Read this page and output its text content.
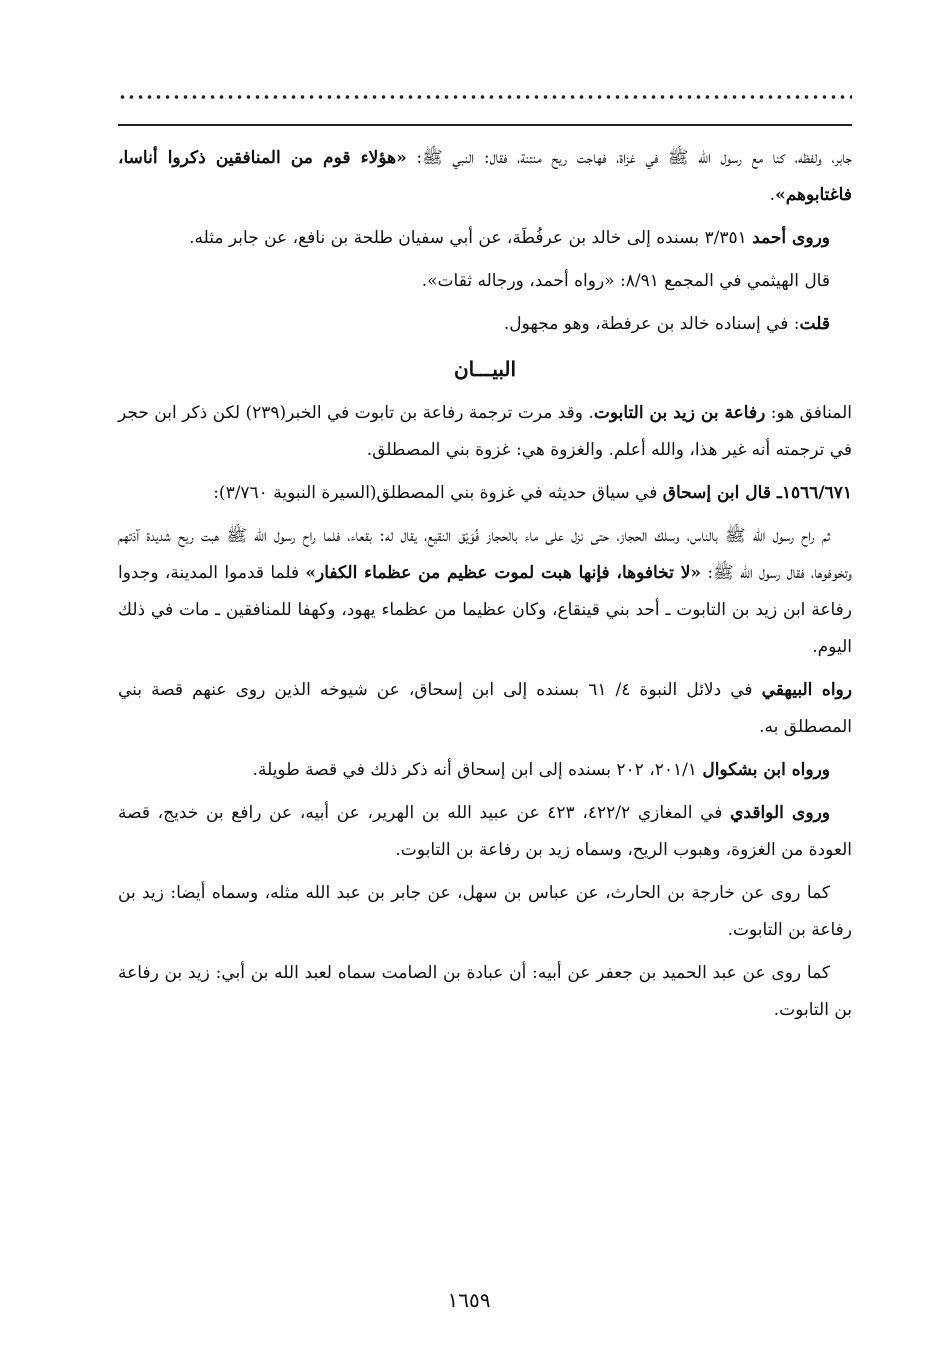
جابر، ولفظه، كنا مع رسول الله ﷺ في غزاة، فهاجت ريح منتنة، فقال: النبي ﷺ: «هؤلاء قوم من المنافقين ذكروا أناسا، فاغتابوهم».

وروى أحمد ٣/٣٥١ بسنده إلى خالد بن عرفُطَة، عن أبي سفيان طلحة بن نافع، عن جابر مثله.

قال الهيثمي في المجمع ٨/٩١: «رواه أحمد، ورجاله ثقات».

قلت: في إسناده خالد بن عرفطة، وهو مجهول.

البيـــان

المنافق هو: رفاعة بن زيد بن التابوت. وقد مرت ترجمة رفاعة بن تابوت في الخبر(٢٣٩) لكن ذكر ابن حجر في ترجمته أنه غير هذا، والله أعلم. والغزوة هي: غزوة بني المصطلق.

١٥٦٦/٦٧١ـ قال ابن إسحاق في سياق حديثه في غزوة بني المصطلق(السيرة النبوية ٣/٧٦٠):

ثم راح رسول الله ﷺ بالناس، وسلك الحجاز، حتى نزل على ماء بالحجاز فُوَيْق النقيع، يقال له: بقعاء، فلما راح رسول الله ﷺ هبت ريح شديدة آذتهم وتخوفوها، فقال رسول الله ﷺ: «لا تخافوها، فإنها هبت لموت عظيم من عظماء الكفار» فلما قدموا المدينة، وجدوا رفاعة ابن زيد بن التابوت ـ أحد بني قينقاع، وكان عظيما من عظماء يهود، وكهفا للمنافقين ـ مات في ذلك اليوم.

رواه البيهقي في دلائل النبوة ٤/ ٦١ بسنده إلى ابن إسحاق، عن شيوخه الذين روى عنهم قصة بني المصطلق به.

ورواه ابن بشكوال ٢٠١/١، ٢٠٢ بسنده إلى ابن إسحاق أنه ذكر ذلك في قصة طويلة.

وروى الواقدي في المغازي ٤٢٢/٢، ٤٢٣ عن عبيد الله بن الهرير، عن أبيه، عن رافع بن خديج، قصة العودة من الغزوة، وهبوب الريح، وسماه زيد بن رفاعة بن التابوت.

كما روى عن خارجة بن الحارث، عن عباس بن سهل، عن جابر بن عبد الله مثله، وسماه أيضا: زيد بن رفاعة بن التابوت.

كما روى عن عبد الحميد بن جعفر عن أبيه: أن عبادة بن الصامت سماه لعبد الله بن أبي: زيد بن رفاعة بن التابوت.

١٦٥٩
